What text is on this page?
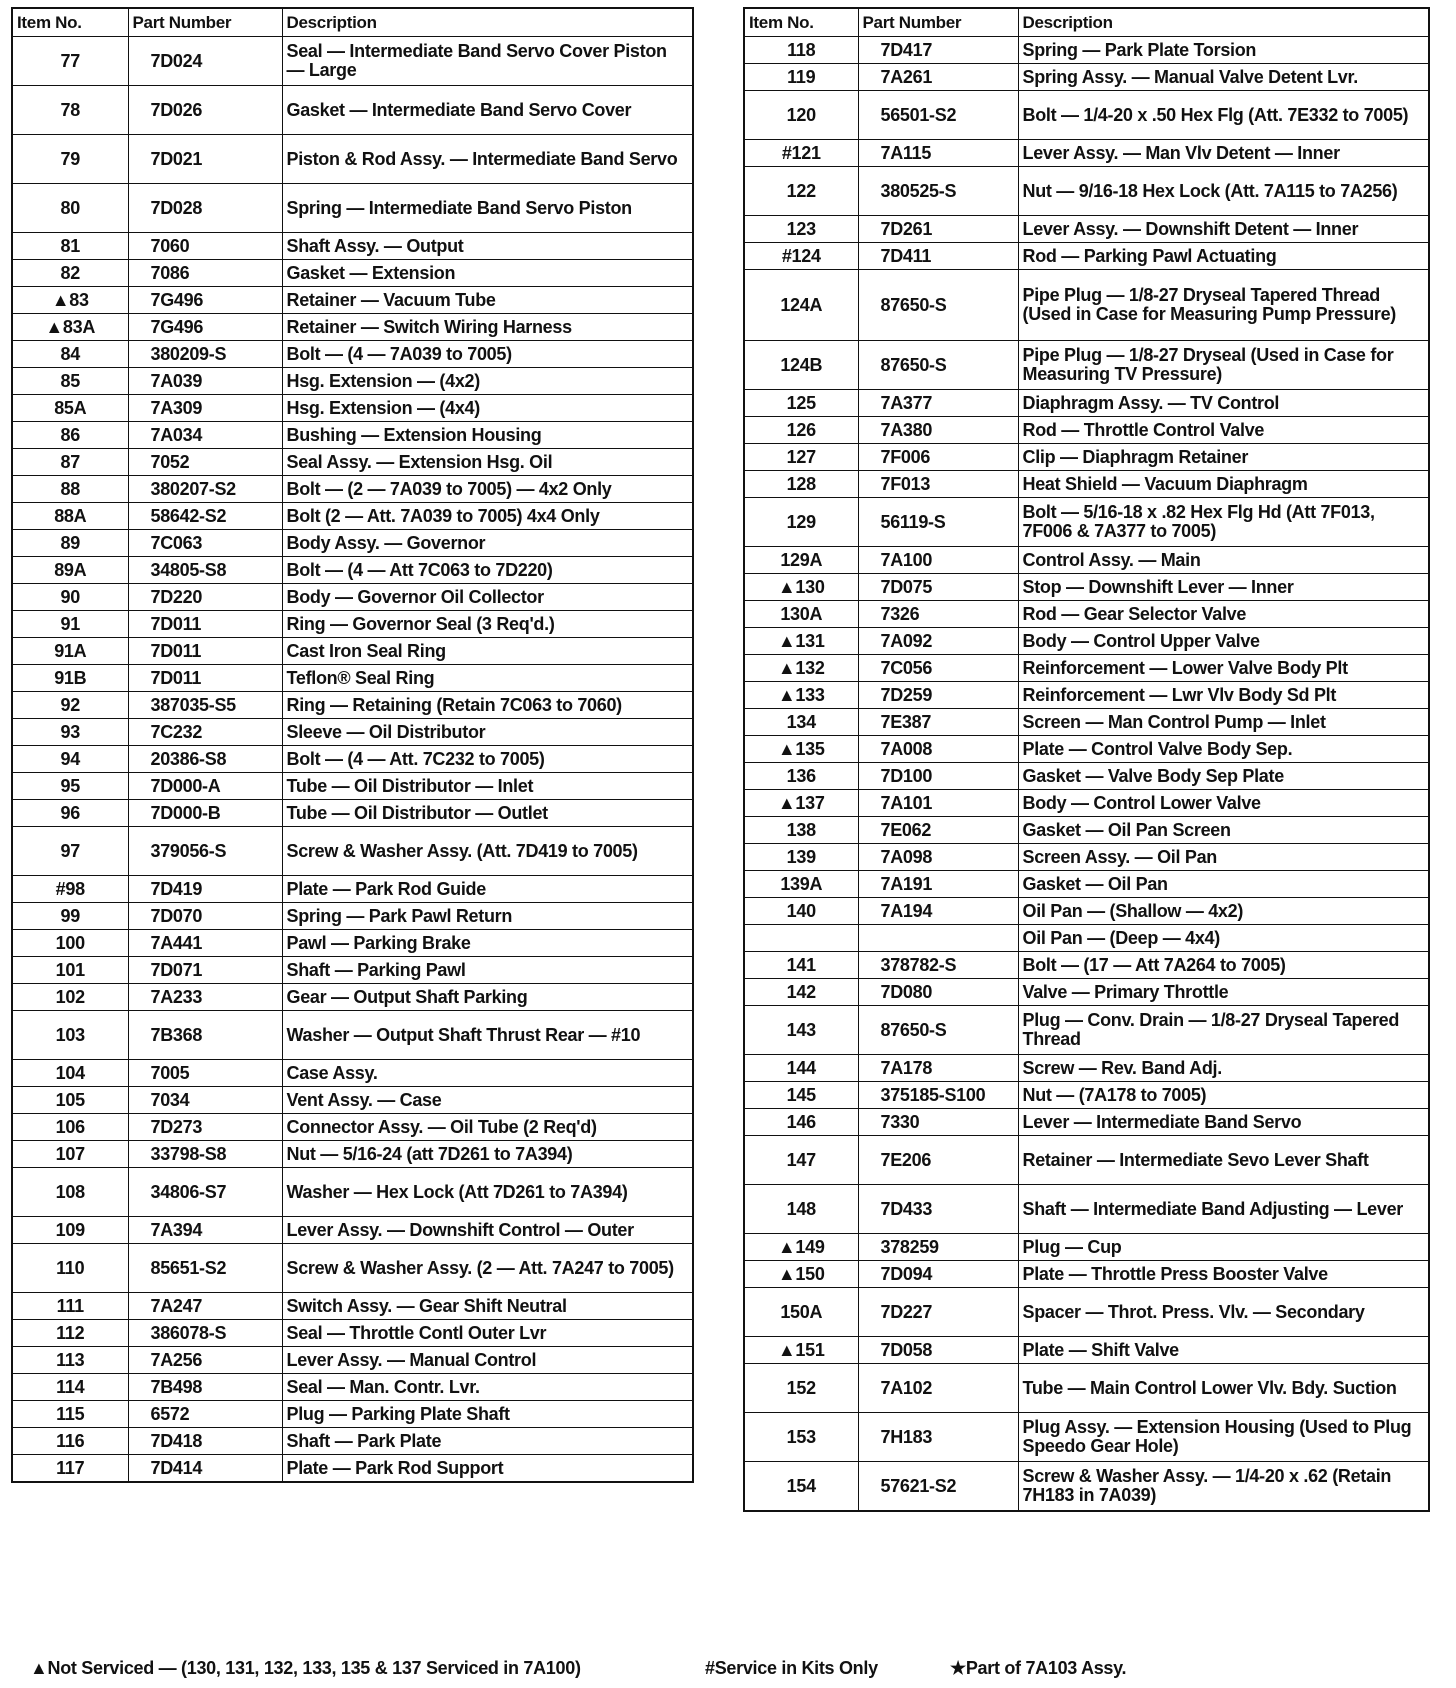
Item No.	Part Number	Description
77	7D024	Seal — Intermediate Band Servo Cover Piston — Large
78	7D026	Gasket — Intermediate Band Servo Cover
79	7D021	Piston & Rod Assy. — Intermediate Band Servo
80	7D028	Spring — Intermediate Band Servo Piston
81	7060	Shaft Assy. — Output
82	7086	Gasket — Extension
▲83	7G496	Retainer — Vacuum Tube
▲83A	7G496	Retainer — Switch Wiring Harness
84	380209-S	Bolt — (4 — 7A039 to 7005)
85	7A039	Hsg. Extension — (4x2)
85A	7A309	Hsg. Extension — (4x4)
86	7A034	Bushing — Extension Housing
87	7052	Seal Assy. — Extension Hsg. Oil
88	380207-S2	Bolt — (2 — 7A039 to 7005) — 4x2 Only
88A	58642-S2	Bolt (2 — Att. 7A039 to 7005) 4x4 Only
89	7C063	Body Assy. — Governor
89A	34805-S8	Bolt — (4 — Att 7C063 to 7D220)
90	7D220	Body — Governor Oil Collector
91	7D011	Ring — Governor Seal (3 Req'd.)
91A	7D011	Cast Iron Seal Ring
91B	7D011	Teflon® Seal Ring
92	387035-S5	Ring — Retaining (Retain 7C063 to 7060)
93	7C232	Sleeve — Oil Distributor
94	20386-S8	Bolt — (4 — Att. 7C232 to 7005)
95	7D000-A	Tube — Oil Distributor — Inlet
96	7D000-B	Tube — Oil Distributor — Outlet
97	379056-S	Screw & Washer Assy. (Att. 7D419 to 7005)
#98	7D419	Plate — Park Rod Guide
99	7D070	Spring — Park Pawl Return
100	7A441	Pawl — Parking Brake
101	7D071	Shaft — Parking Pawl
102	7A233	Gear — Output Shaft Parking
103	7B368	Washer — Output Shaft Thrust Rear — #10
104	7005	Case Assy.
105	7034	Vent Assy. — Case
106	7D273	Connector Assy. — Oil Tube (2 Req'd)
107	33798-S8	Nut — 5/16-24 (att 7D261 to 7A394)
108	34806-S7	Washer — Hex Lock (Att 7D261 to 7A394)
109	7A394	Lever Assy. — Downshift Control — Outer
110	85651-S2	Screw & Washer Assy. (2 — Att. 7A247 to 7005)
111	7A247	Switch Assy. — Gear Shift Neutral
112	386078-S	Seal — Throttle Contl Outer Lvr
113	7A256	Lever Assy. — Manual Control
114	7B498	Seal — Man. Contr. Lvr.
115	6572	Plug — Parking Plate Shaft
116	7D418	Shaft — Park Plate
117	7D414	Plate — Park Rod Support
Item No.	Part Number	Description
118	7D417	Spring — Park Plate Torsion
119	7A261	Spring Assy. — Manual Valve Detent Lvr.
120	56501-S2	Bolt — 1/4-20 x .50 Hex Flg (Att. 7E332 to 7005)
#121	7A115	Lever Assy. — Man Vlv Detent — Inner
122	380525-S	Nut — 9/16-18 Hex Lock (Att. 7A115 to 7A256)
123	7D261	Lever Assy. — Downshift Detent — Inner
#124	7D411	Rod — Parking Pawl Actuating
124A	87650-S	Pipe Plug — 1/8-27 Dryseal Tapered Thread (Used in Case for Measuring Pump Pressure)
124B	87650-S	Pipe Plug — 1/8-27 Dryseal (Used in Case for Measuring TV Pressure)
125	7A377	Diaphragm Assy. — TV Control
126	7A380	Rod — Throttle Control Valve
127	7F006	Clip — Diaphragm Retainer
128	7F013	Heat Shield — Vacuum Diaphragm
129	56119-S	Bolt — 5/16-18 x .82 Hex Flg Hd (Att 7F013, 7F006 & 7A377 to 7005)
129A	7A100	Control Assy. — Main
▲130	7D075	Stop — Downshift Lever — Inner
130A	7326	Rod — Gear Selector Valve
▲131	7A092	Body — Control Upper Valve
▲132	7C056	Reinforcement — Lower Valve Body Plt
▲133	7D259	Reinforcement — Lwr Vlv Body Sd Plt
134	7E387	Screen — Man Control Pump — Inlet
▲135	7A008	Plate — Control Valve Body Sep.
136	7D100	Gasket — Valve Body Sep Plate
▲137	7A101	Body — Control Lower Valve
138	7E062	Gasket — Oil Pan Screen
139	7A098	Screen Assy. — Oil Pan
139A	7A191	Gasket — Oil Pan
140	7A194	Oil Pan — (Shallow — 4x2)
		Oil Pan — (Deep — 4x4)
141	378782-S	Bolt — (17 — Att 7A264 to 7005)
142	7D080	Valve — Primary Throttle
143	87650-S	Plug — Conv. Drain — 1/8-27 Dryseal Tapered Thread
144	7A178	Screw — Rev. Band Adj.
145	375185-S100	Nut — (7A178 to 7005)
146	7330	Lever — Intermediate Band Servo
147	7E206	Retainer — Intermediate Sevo Lever Shaft
148	7D433	Shaft — Intermediate Band Adjusting — Lever
▲149	378259	Plug — Cup
▲150	7D094	Plate — Throttle Press Booster Valve
150A	7D227	Spacer — Throt. Press. Vlv. — Secondary
▲151	7D058	Plate — Shift Valve
152	7A102	Tube — Main Control Lower Vlv. Bdy. Suction
153	7H183	Plug Assy. — Extension Housing (Used to Plug Speedo Gear Hole)
154	57621-S2	Screw & Washer Assy. — 1/4-20 x .62 (Retain 7H183 in 7A039)
▲Not Serviced — (130, 131, 132, 133, 135 & 137 Serviced in 7A100)	#Service in Kits Only	★Part of 7A103 Assy.
